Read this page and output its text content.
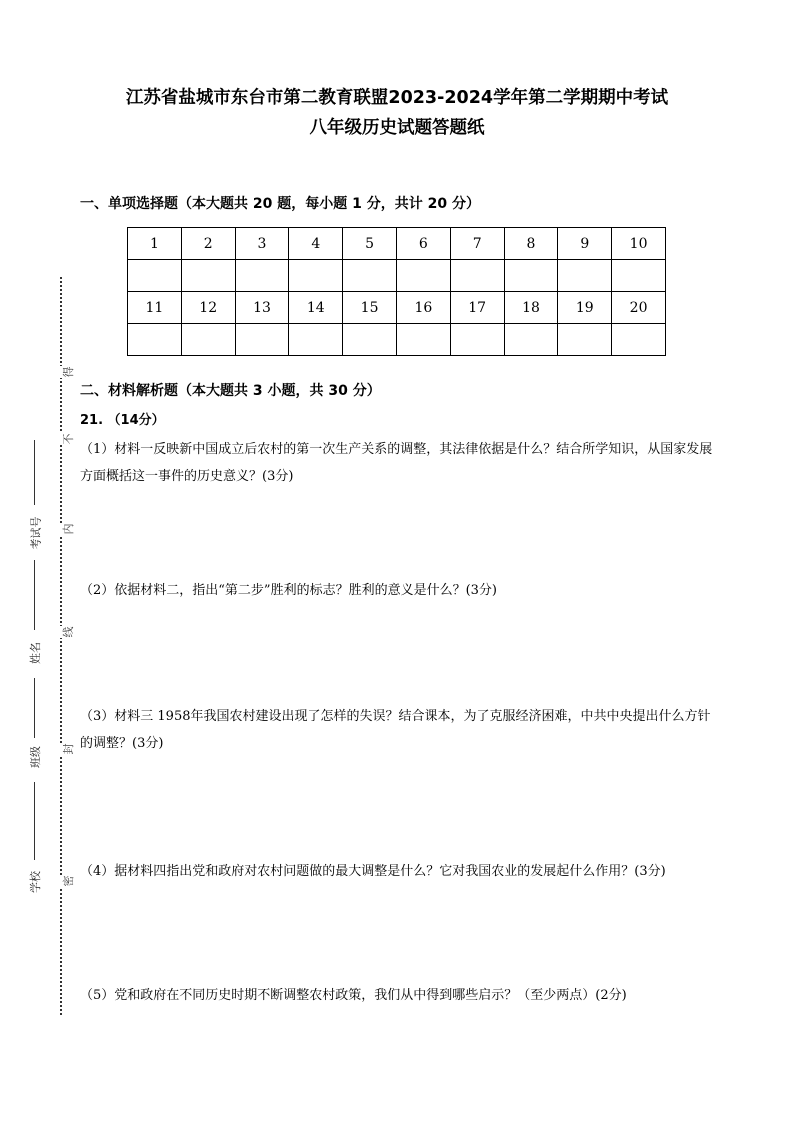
江苏省盐城市东台市第二教育联盟2023-2024学年第二学期期中考试
八年级历史试题答题纸
一、单项选择题（本大题共 20 题，每小题 1 分，共计 20 分）
1	2	3	4	5	6	7	8	9	10

11	12	13	14	15	16	17	18	19	20

二、材料解析题（本大题共 3 小题，共 30 分）
21. （14分）
（1）材料一反映新中国成立后农村的第一次生产关系的调整，其法律依据是什么？结合所学知识，从国家发展方面概括这一事件的历史意义？(3分)
（2）依据材料二，指出“第二步”胜利的标志？胜利的意义是什么？(3分)
（3）材料三 1958年我国农村建设出现了怎样的失误？结合课本，为了克服经济困难，中共中央提出什么方针的调整？(3分)
（4）据材料四指出党和政府对农村问题做的最大调整是什么？它对我国农业的发展起什么作用？(3分)
（5）党和政府在不同历史时期不断调整农村政策，我们从中得到哪些启示？（至少两点）(2分)
得
不
内
线
封
密
考试号
姓名
班级
学校
